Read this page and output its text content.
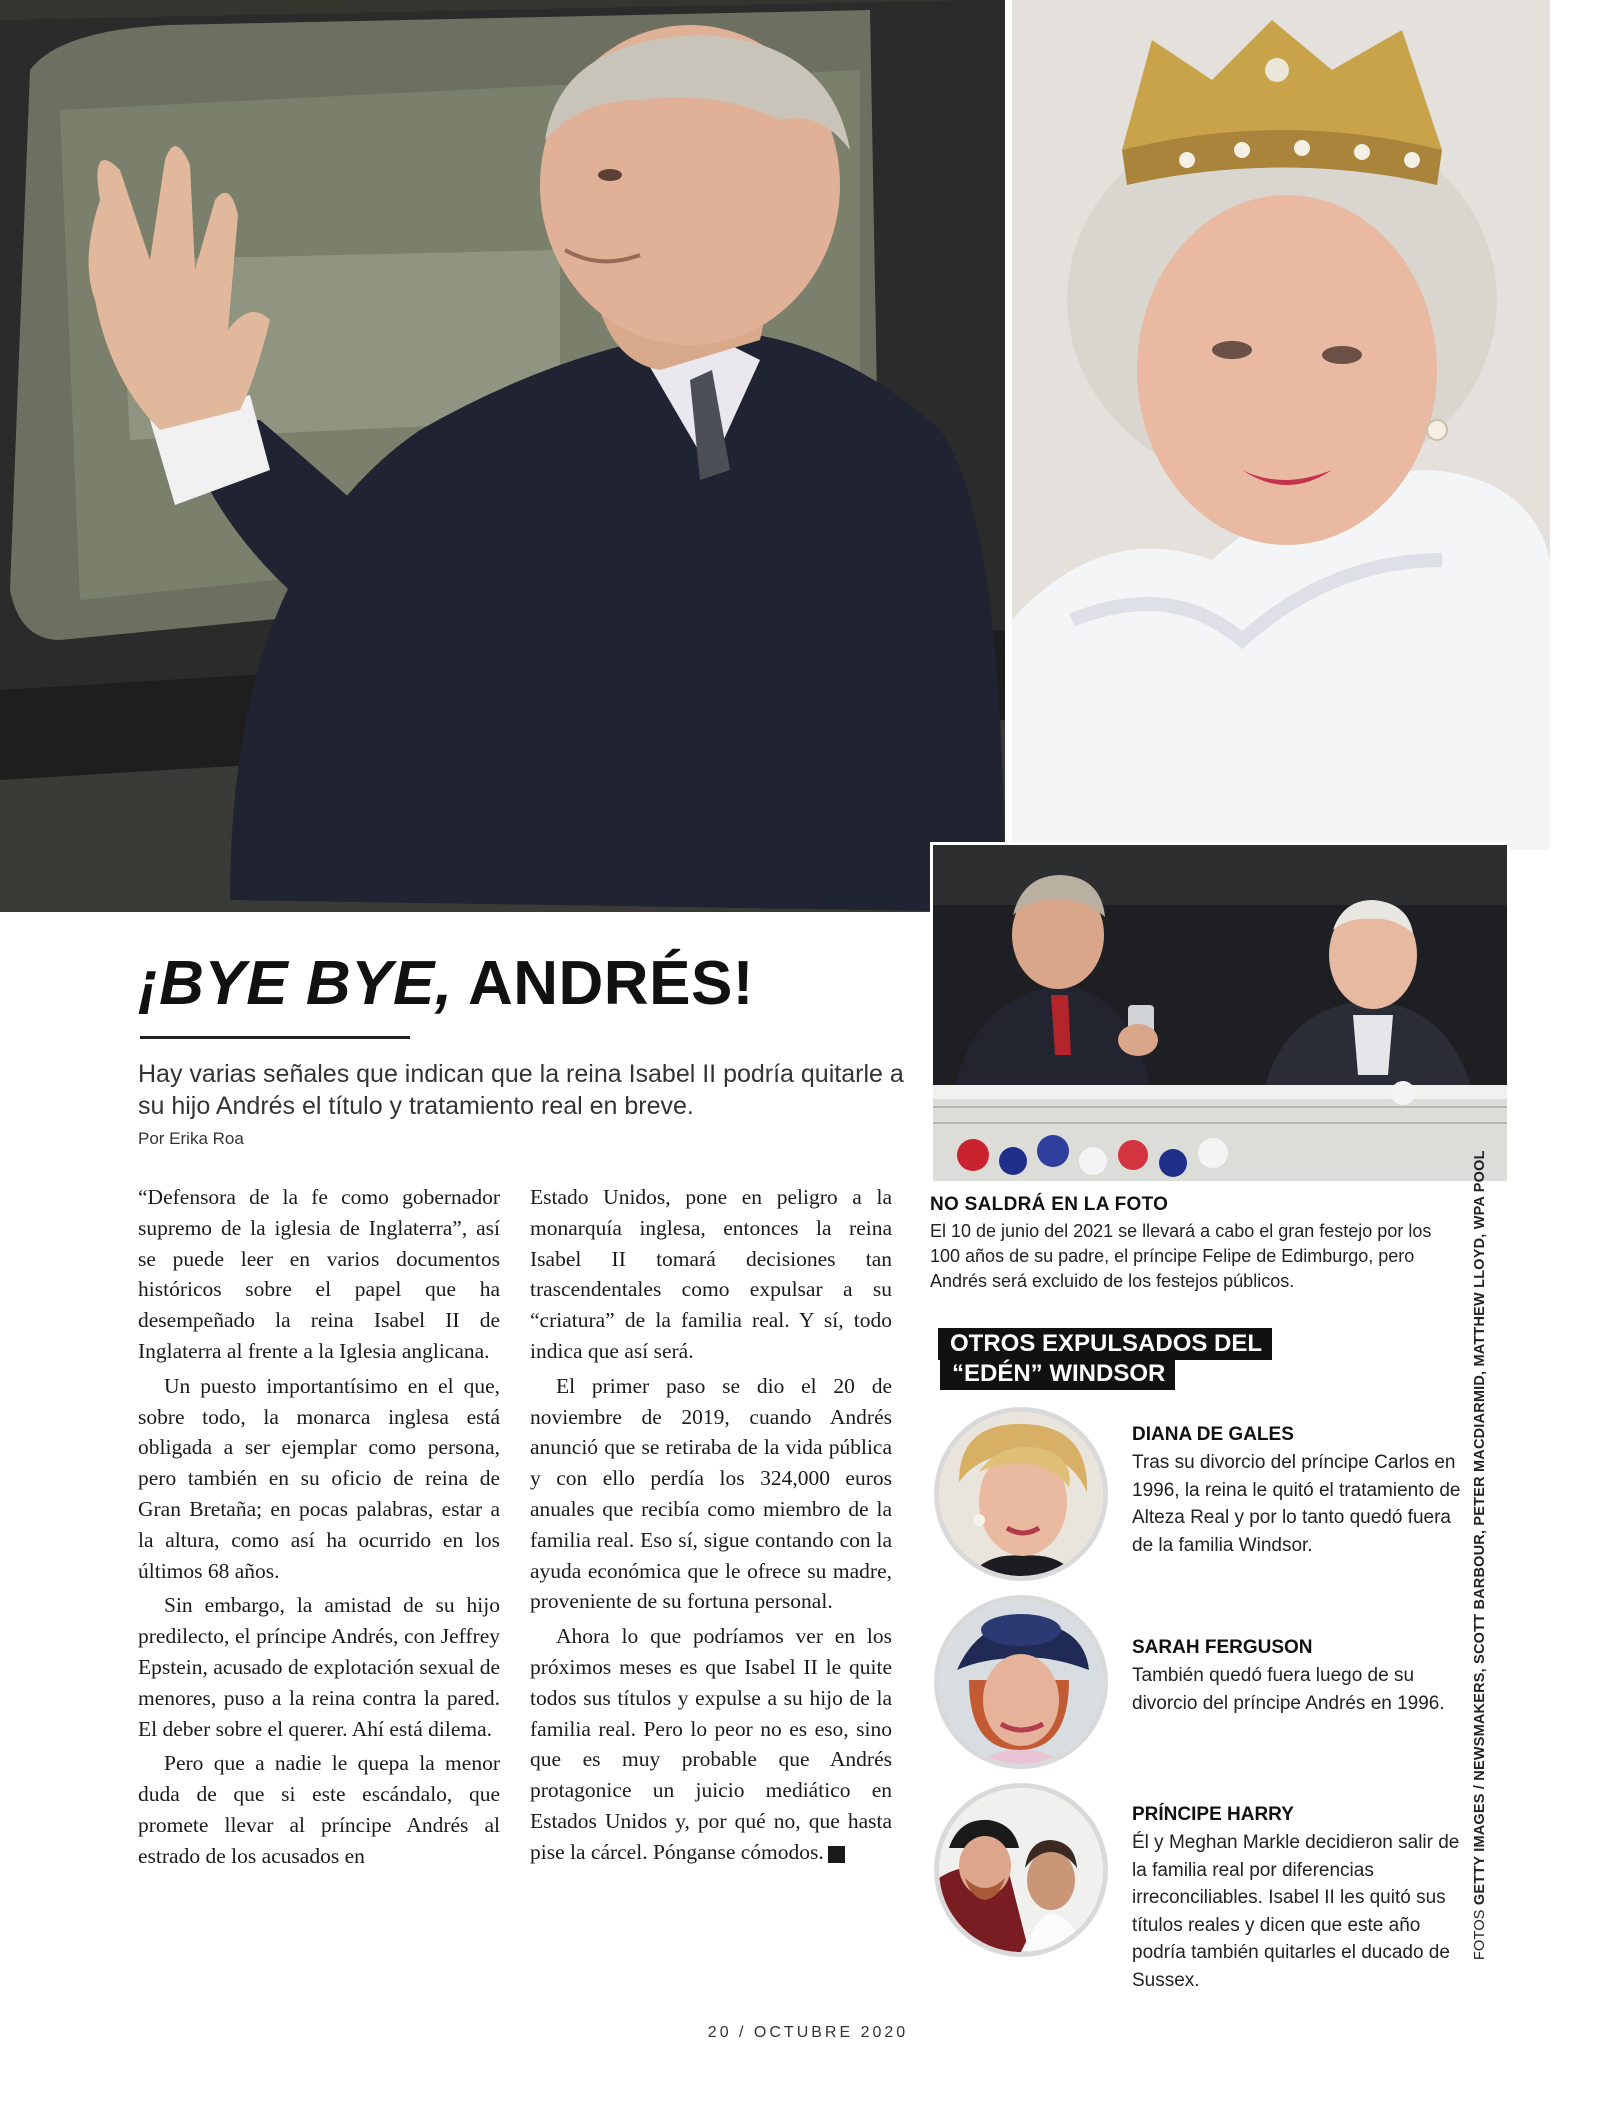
¡BYE BYE, ANDRÉS!

Hay varias señales que indican que la reina Isabel II podría quitarle a su hijo Andrés el título y tratamiento real en breve.

Por Erika Roa

“Defensora de la fe como gobernador supremo de la iglesia de Inglaterra”, así se puede leer en varios documentos históricos sobre el papel que ha desempeñado la reina Isabel II de Inglaterra al frente a la Iglesia anglicana.

Un puesto importantísimo en el que, sobre todo, la monarca inglesa está obligada a ser ejemplar como persona, pero también en su oficio de reina de Gran Bretaña; en pocas palabras, estar a la altura, como así ha ocurrido en los últimos 68 años.

Sin embargo, la amistad de su hijo predilecto, el príncipe Andrés, con Jeffrey Epstein, acusado de explotación sexual de menores, puso a la reina contra la pared. El deber sobre el querer. Ahí está dilema.

Pero que a nadie le quepa la menor duda de que si este escándalo, que promete llevar al príncipe Andrés al estrado de los acusados en

Estado Unidos, pone en peligro a la monarquía inglesa, entonces la reina Isabel II tomará decisiones tan trascendentales como expulsar a su “criatura” de la familia real. Y sí, todo indica que así será.

El primer paso se dio el 20 de noviembre de 2019, cuando Andrés anunció que se retiraba de la vida pública y con ello perdía los 324,000 euros anuales que recibía como miembro de la familia real. Eso sí, sigue contando con la ayuda económica que le ofrece su madre, proveniente de su fortuna personal.

Ahora lo que podríamos ver en los próximos meses es que Isabel II le quite todos sus títulos y expulse a su hijo de la familia real. Pero lo peor no es eso, sino que es muy probable que Andrés protagonice un juicio mediático en Estados Unidos y, por qué no, que hasta pise la cárcel. Pónganse cómodos.	Q

NO SALDRÁ EN LA FOTO
El 10 de junio del 2021 se llevará a cabo el gran festejo por los 100 años de su padre, el príncipe Felipe de Edimburgo, pero Andrés será excluido de los festejos públicos.
OTROS EXPULSADOS DEL
“EDÉN” WINDSOR
DIANA DE GALES
Tras su divorcio del príncipe Carlos en 1996, la reina le quitó el tratamiento de Alteza Real y por lo tanto quedó fuera de la familia Windsor.
SARAH FERGUSON
También quedó fuera luego de su divorcio del príncipe Andrés en 1996.
PRÍNCIPE HARRY
Él y Meghan Markle decidieron salir de la familia real por diferencias irreconciliables. Isabel II les quitó sus títulos reales y dicen que este año podría también quitarles el ducado de Sussex.
FOTOS GETTY IMAGES / NEWSMAKERS, SCOTT BARBOUR, PETER MACDIARMID, MATTHEW LLOYD, WPA POOL
20 / OCTUBRE 2020
